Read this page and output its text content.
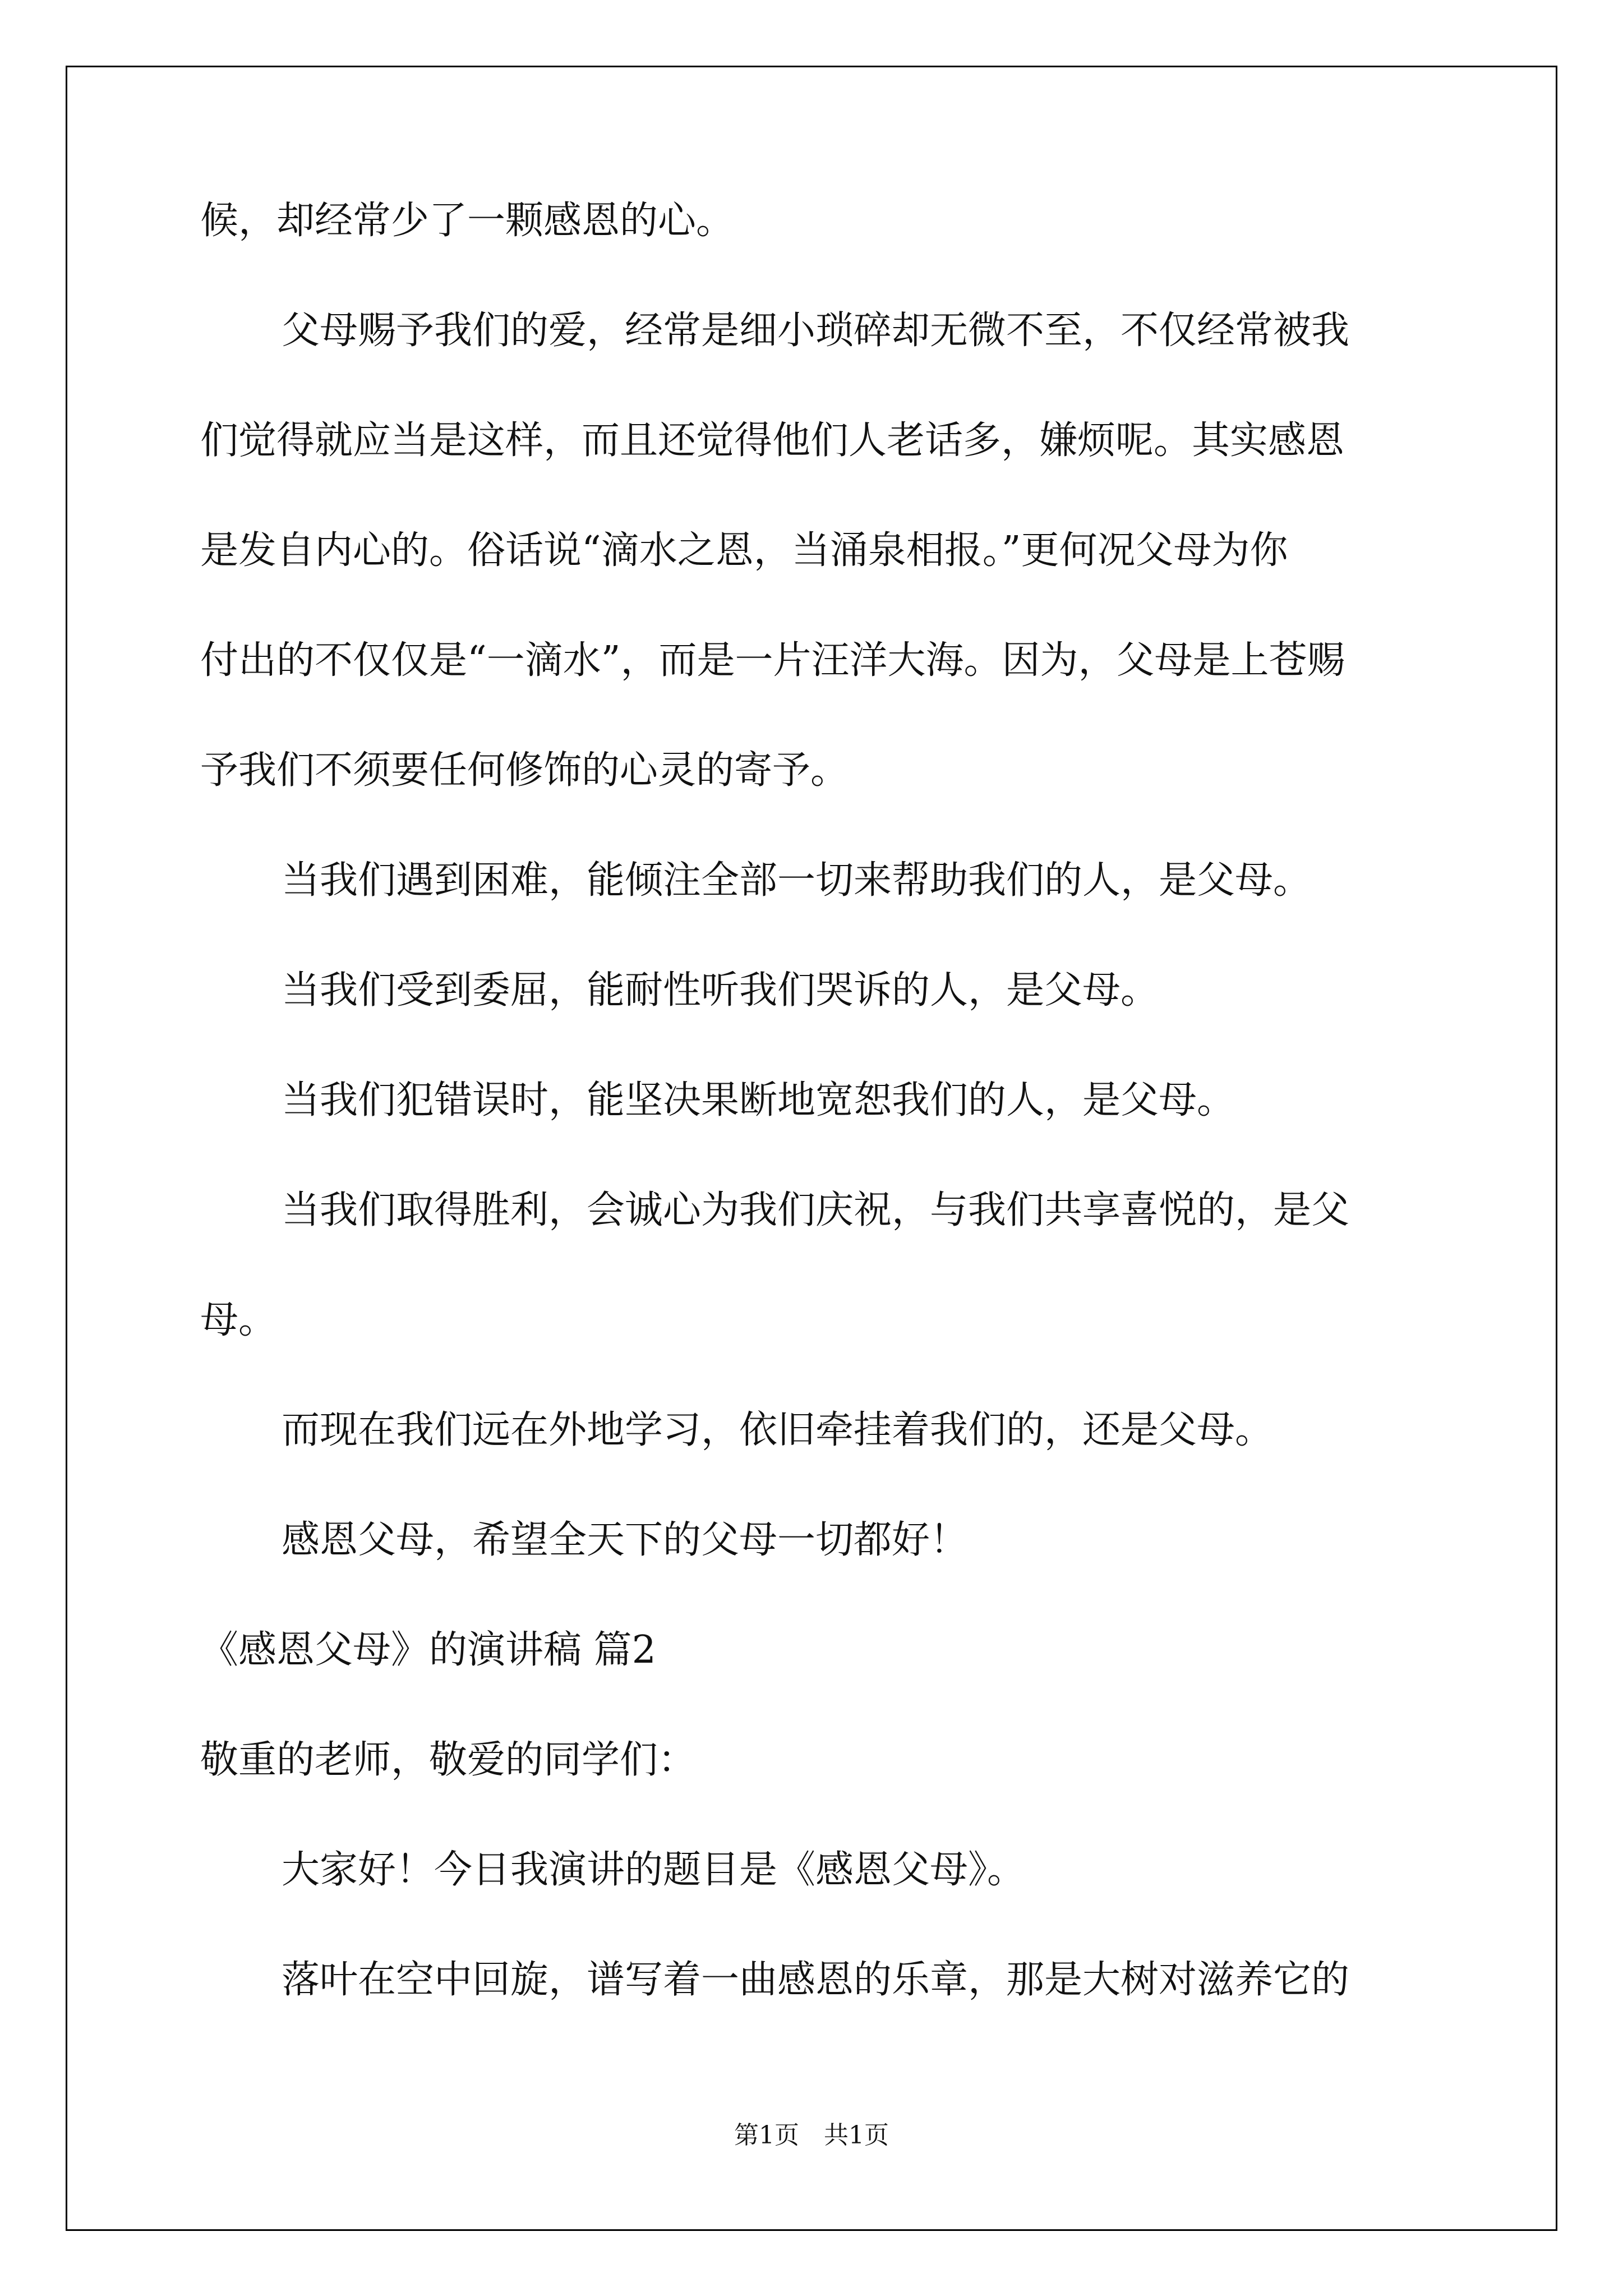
候，却经常少了一颗感恩的心。
父母赐予我们的爱，经常是细小琐碎却无微不至，不仅经常被我
们觉得就应当是这样，而且还觉得他们人老话多，嫌烦呢。其实感恩
是发自内心的。俗话说“滴水之恩，当涌泉相报。”更何况父母为你
付出的不仅仅是“一滴水”，而是一片汪洋大海。因为，父母是上苍赐
予我们不须要任何修饰的心灵的寄予。
当我们遇到困难，能倾注全部一切来帮助我们的人，是父母。
当我们受到委屈，能耐性听我们哭诉的人，是父母。
当我们犯错误时，能坚决果断地宽恕我们的人，是父母。
当我们取得胜利，会诚心为我们庆祝，与我们共享喜悦的，是父
母。
而现在我们远在外地学习，依旧牵挂着我们的，还是父母。
感恩父母，希望全天下的父母一切都好！
《感恩父母》的演讲稿 篇2
敬重的老师，敬爱的同学们：
大家好！今日我演讲的题目是《感恩父母》。
落叶在空中回旋，谱写着一曲感恩的乐章，那是大树对滋养它的
第1页　共1页
